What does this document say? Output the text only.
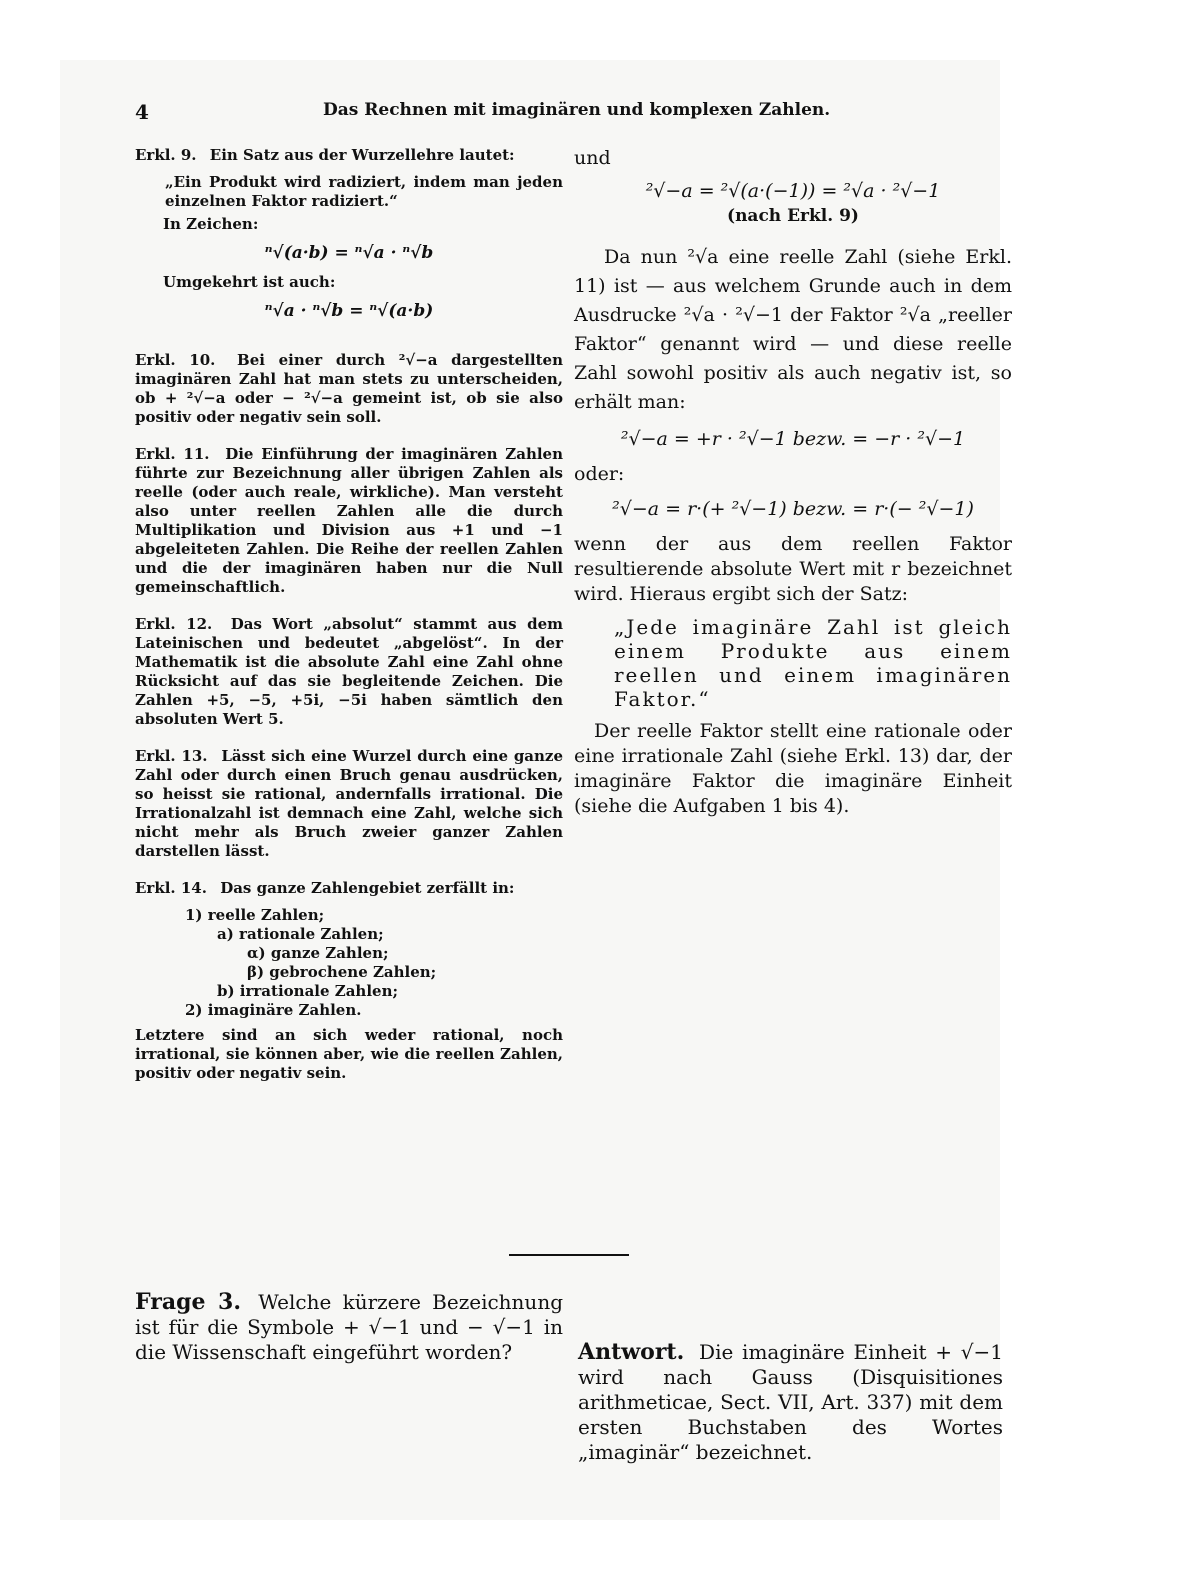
4	Das Rechnen mit imaginären und komplexen Zahlen.

Erkl. 9. Ein Satz aus der Wurzellehre lautet:

„Ein Produkt wird radiziert, indem man jeden einzelnen Faktor radiziert.“

In Zeichen:

ⁿ√(a·b) = ⁿ√a · ⁿ√b

Umgekehrt ist auch:

ⁿ√a · ⁿ√b = ⁿ√(a·b)

Erkl. 10. Bei einer durch ²√−a dargestellten imaginären Zahl hat man stets zu unterscheiden, ob + ²√−a oder − ²√−a gemeint ist, ob sie also positiv oder negativ sein soll.

Erkl. 11. Die Einführung der imaginären Zahlen führte zur Bezeichnung aller übrigen Zahlen als reelle (oder auch reale, wirkliche). Man versteht also unter reellen Zahlen alle die durch Multiplikation und Division aus +1 und −1 abgeleiteten Zahlen. Die Reihe der reellen Zahlen und die der imaginären haben nur die Null gemeinschaftlich.

Erkl. 12. Das Wort „absolut“ stammt aus dem Lateinischen und bedeutet „abgelöst“. In der Mathematik ist die absolute Zahl eine Zahl ohne Rücksicht auf das sie begleitende Zeichen. Die Zahlen +5, −5, +5i, −5i haben sämtlich den absoluten Wert 5.

Erkl. 13. Lässt sich eine Wurzel durch eine ganze Zahl oder durch einen Bruch genau ausdrücken, so heisst sie rational, andernfalls irrational. Die Irrationalzahl ist demnach eine Zahl, welche sich nicht mehr als Bruch zweier ganzer Zahlen darstellen lässt.

Erkl. 14. Das ganze Zahlengebiet zerfällt in:

1) reelle Zahlen;
a) rationale Zahlen;
α) ganze Zahlen;
β) gebrochene Zahlen;
b) irrationale Zahlen;
2) imaginäre Zahlen.

Letztere sind an sich weder rational, noch irrational, sie können aber, wie die reellen Zahlen, positiv oder negativ sein.

und

²√−a = ²√(a·(−1)) = ²√a · ²√−1
(nach Erkl. 9)

Da nun ²√a eine reelle Zahl (siehe Erkl. 11) ist — aus welchem Grunde auch in dem Ausdrucke ²√a · ²√−1 der Faktor ²√a „reeller Faktor“ genannt wird — und diese reelle Zahl sowohl positiv als auch negativ ist, so erhält man:

²√−a = +r · ²√−1 bezw. = −r · ²√−1

oder:

²√−a = r·(+ ²√−1) bezw. = r·(− ²√−1)

wenn der aus dem reellen Faktor resultierende absolute Wert mit r bezeichnet wird. Hieraus ergibt sich der Satz:

„Jede imaginäre Zahl ist gleich einem Produkte aus einem reellen und einem imaginären Faktor.“

Der reelle Faktor stellt eine rationale oder eine irrationale Zahl (siehe Erkl. 13) dar, der imaginäre Faktor die imaginäre Einheit (siehe die Aufgaben 1 bis 4).

Frage 3. Welche kürzere Bezeichnung ist für die Symbole + √−1 und − √−1 in die Wissenschaft eingeführt worden?	Antwort. Die imaginäre Einheit + √−1 wird nach Gauss (Disquisitiones arithmeticae, Sect. VII, Art. 337) mit dem ersten Buchstaben des Wortes „imaginär“ bezeichnet.
